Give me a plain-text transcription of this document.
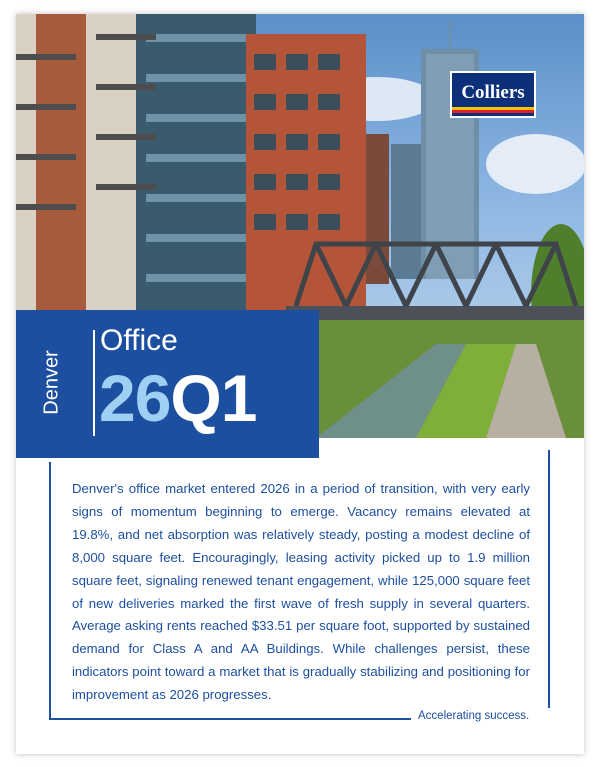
Colliers
Denver
Office
26Q1

Denver's office market entered 2026 in a period of transition, with very early signs of momentum beginning to emerge. Vacancy remains elevated at 19.8%, and net absorption was relatively steady, posting a modest decline of 8,000 square feet. Encouragingly, leasing activity picked up to 1.9 million square feet, signaling renewed tenant engagement, while 125,000 square feet of new deliveries marked the first wave of fresh supply in several quarters. Average asking rents reached $33.51 per square foot, supported by sustained demand for Class A and AA Buildings. While challenges persist, these indicators point toward a market that is gradually stabilizing and positioning for improvement as 2026 progresses.

Accelerating success.
